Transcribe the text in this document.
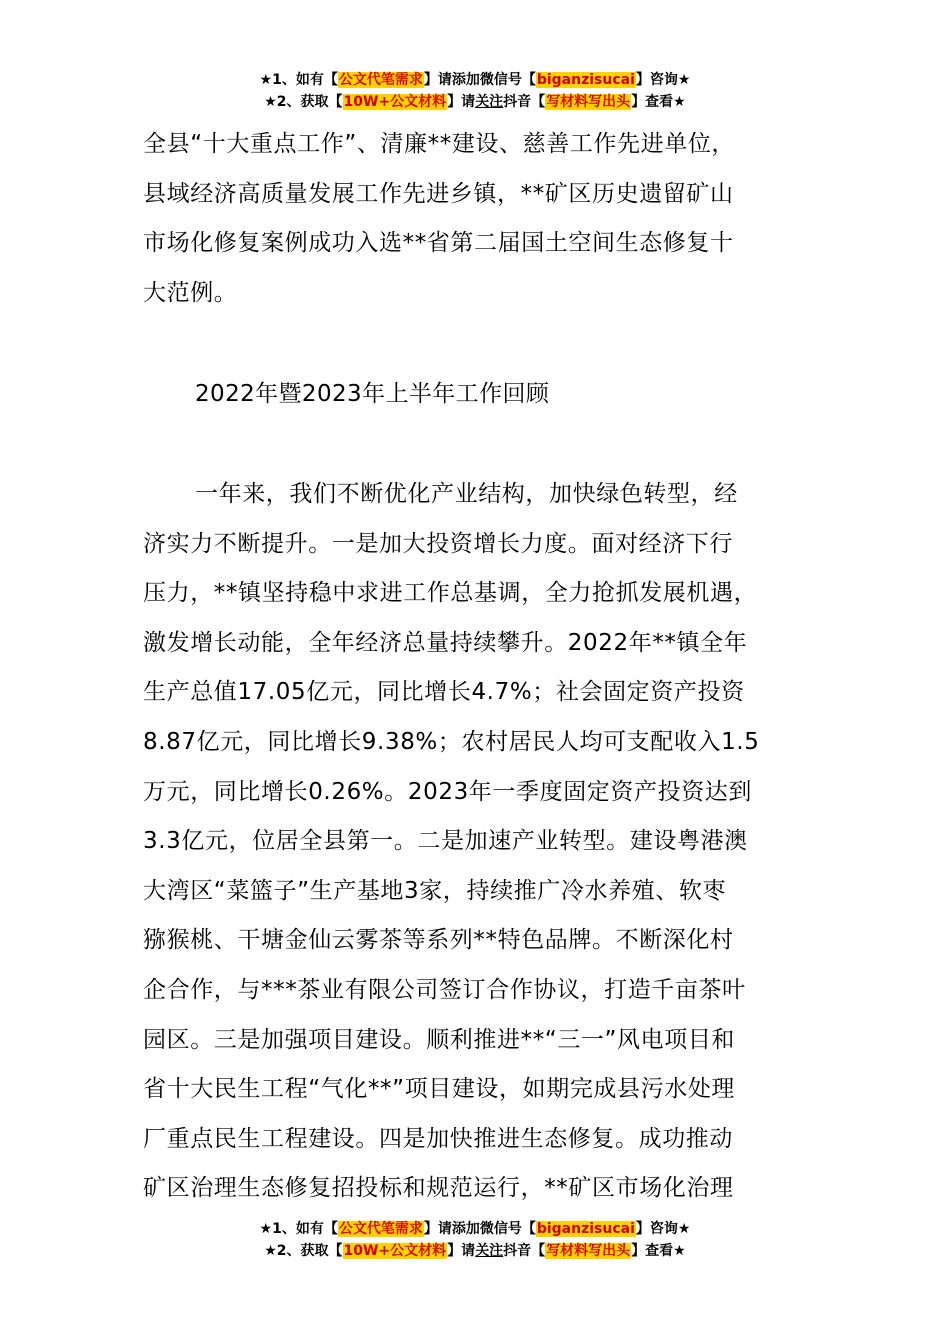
★1、如有【公文代笔需求】请添加微信号【biganzisucai】咨询★
★2、获取【10W+公文材料】请关注抖音【写材料写出头】查看★
全县“十大重点工作”、清廉**建设、慈善工作先进单位，
县域经济高质量发展工作先进乡镇，**矿区历史遗留矿山
市场化修复案例成功入选**省第二届国土空间生态修复十
大范例。
2022年暨2023年上半年工作回顾
一年来，我们不断优化产业结构，加快绿色转型，经
济实力不断提升。一是加大投资增长力度。面对经济下行
压力，**镇坚持稳中求进工作总基调，全力抢抓发展机遇，
激发增长动能，全年经济总量持续攀升。2022年**镇全年
生产总值17.05亿元，同比增长4.7%；社会固定资产投资
8.87亿元，同比增长9.38%；农村居民人均可支配收入1.5
万元，同比增长0.26%。2023年一季度固定资产投资达到
3.3亿元，位居全县第一。二是加速产业转型。建设粤港澳
大湾区“菜篮子”生产基地3家，持续推广冷水养殖、软枣
猕猴桃、干塘金仙云雾茶等系列**特色品牌。不断深化村
企合作，与***茶业有限公司签订合作协议，打造千亩茶叶
园区。三是加强项目建设。顺利推进**“三一”风电项目和
省十大民生工程“气化**”项目建设，如期完成县污水处理
厂重点民生工程建设。四是加快推进生态修复。成功推动
矿区治理生态修复招投标和规范运行，**矿区市场化治理
★1、如有【公文代笔需求】请添加微信号【biganzisucai】咨询★
★2、获取【10W+公文材料】请关注抖音【写材料写出头】查看★
